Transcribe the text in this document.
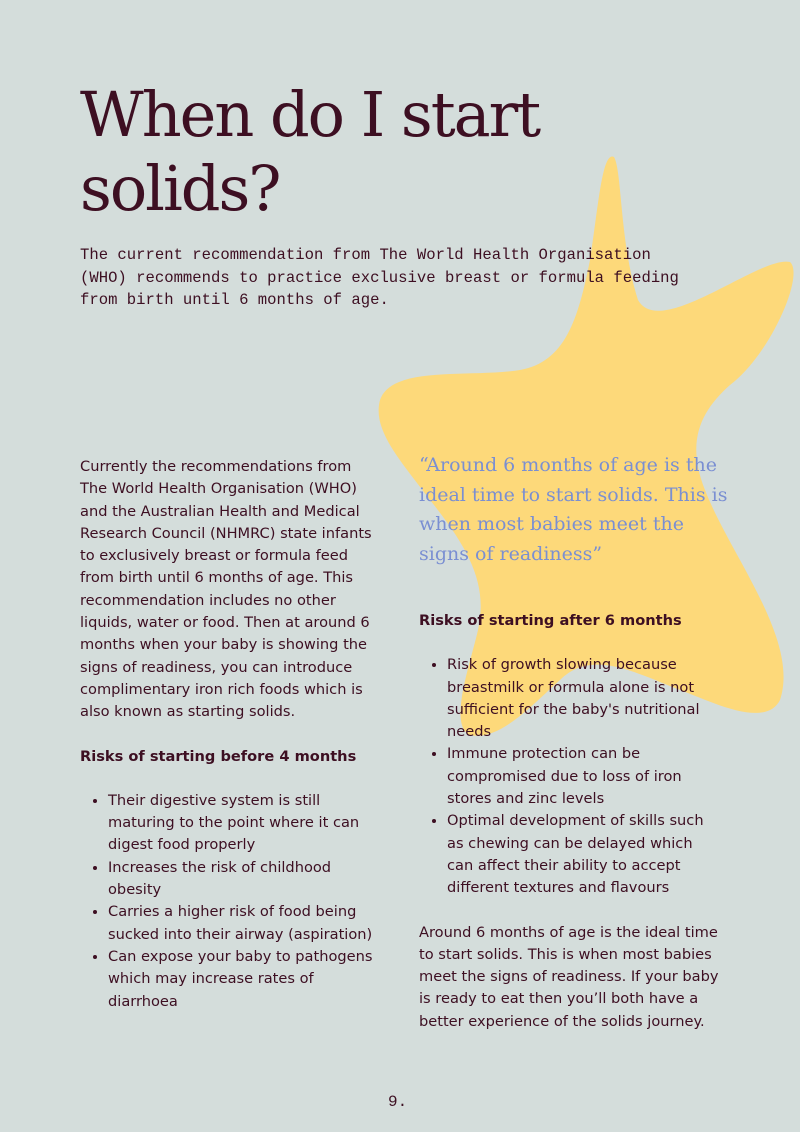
When do I start solids?

The current recommendation from The World Health Organisation (WHO) recommends to practice exclusive breast or formula feeding from birth until 6 months of age.

Currently the recommendations from The World Health Organisation (WHO) and the Australian Health and Medical Research Council (NHMRC) state infants to exclusively breast or formula feed from birth until 6 months of age. This recommendation includes no other liquids, water or food. Then at around 6 months when your baby is showing the signs of readiness, you can introduce complimentary iron rich foods which is also known as starting solids.

Risks of starting before 4 months
• Their digestive system is still maturing to the point where it can digest food properly
• Increases the risk of childhood obesity
• Carries a higher risk of food being sucked into their airway (aspiration)
• Can expose your baby to pathogens which may increase rates of diarrhoea

“Around 6 months of age is the ideal time to start solids. This is when most babies meet the signs of readiness”

Risks of starting after 6 months
• Risk of growth slowing because breastmilk or formula alone is not sufficient for the baby's nutritional needs
• Immune protection can be compromised due to loss of iron stores and zinc levels
• Optimal development of skills such as chewing can be delayed which can affect their ability to accept different textures and flavours

Around 6 months of age is the ideal time to start solids. This is when most babies meet the signs of readiness. If your baby is ready to eat then you’ll both have a better experience of the solids journey.

9.
